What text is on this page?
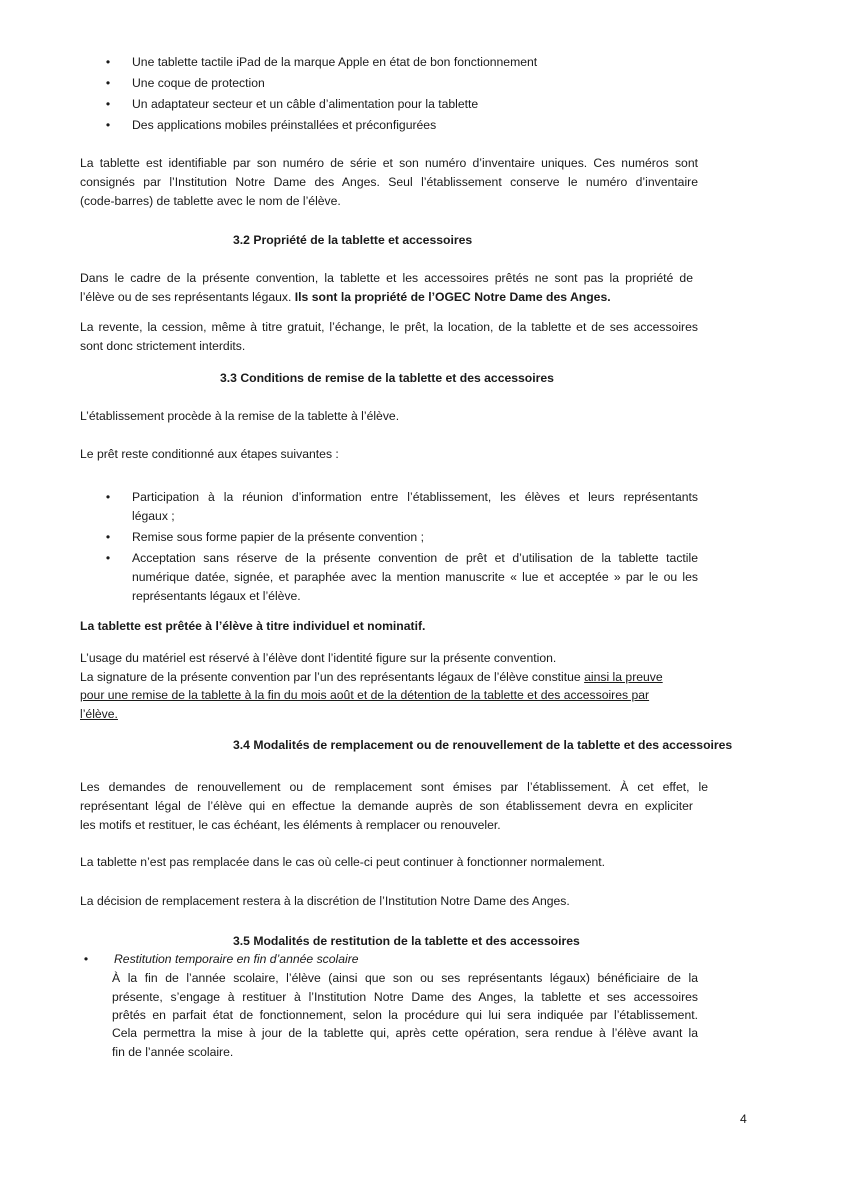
• Une tablette tactile iPad de la marque Apple en état de bon fonctionnement
• Une coque de protection
• Un adaptateur secteur et un câble d’alimentation pour la tablette
• Des applications mobiles préinstallées et préconfigurées
La tablette est identifiable par son numéro de série et son numéro d’inventaire uniques. Ces numéros sont
consignés par l’Institution Notre Dame des Anges. Seul l’établissement conserve le numéro d’inventaire
(code-barres) de tablette avec le nom de l’élève.
3.2 Propriété de la tablette et accessoires
Dans le cadre de la présente convention, la tablette et les accessoires prêtés ne sont pas la propriété de
l’élève ou de ses représentants légaux. Ils sont la propriété de l’OGEC Notre Dame des Anges.
La revente, la cession, même à titre gratuit, l’échange, le prêt, la location, de la tablette et de ses accessoires
sont donc strictement interdits.
3.3 Conditions de remise de la tablette et des accessoires
L’établissement procède à la remise de la tablette à l’élève.
Le prêt reste conditionné aux étapes suivantes :
• Participation à la réunion d’information entre l’établissement, les élèves et leurs représentants
légaux ;
• Remise sous forme papier de la présente convention ;
• Acceptation sans réserve de la présente convention de prêt et d’utilisation de la tablette tactile
numérique datée, signée, et paraphée avec la mention manuscrite « lue et acceptée » par le ou les
représentants légaux et l’élève.
La tablette est prêtée à l’élève à titre individuel et nominatif.
L’usage du matériel est réservé à l’élève dont l’identité figure sur la présente convention.
La signature de la présente convention par l’un des représentants légaux de l’élève constitue ainsi la preuve
pour une remise de la tablette à la fin du mois août et de la détention de la tablette et des accessoires par
l’élève.
3.4 Modalités de remplacement ou de renouvellement de la tablette et des accessoires
Les demandes de renouvellement ou de remplacement sont émises par l’établissement. À cet effet, le
représentant légal de l’élève qui en effectue la demande auprès de son établissement devra en expliciter
les motifs et restituer, le cas échéant, les éléments à remplacer ou renouveler.
La tablette n’est pas remplacée dans le cas où celle-ci peut continuer à fonctionner normalement.
La décision de remplacement restera à la discrétion de l’Institution Notre Dame des Anges.
3.5 Modalités de restitution de la tablette et des accessoires
• Restitution temporaire en fin d’année scolaire
À la fin de l’année scolaire, l’élève (ainsi que son ou ses représentants légaux) bénéficiaire de la
présente, s’engage à restituer à l’Institution Notre Dame des Anges, la tablette et ses accessoires
prêtés en parfait état de fonctionnement, selon la procédure qui lui sera indiquée par l’établissement.
Cela permettra la mise à jour de la tablette qui, après cette opération, sera rendue à l’élève avant la
fin de l’année scolaire.
4
